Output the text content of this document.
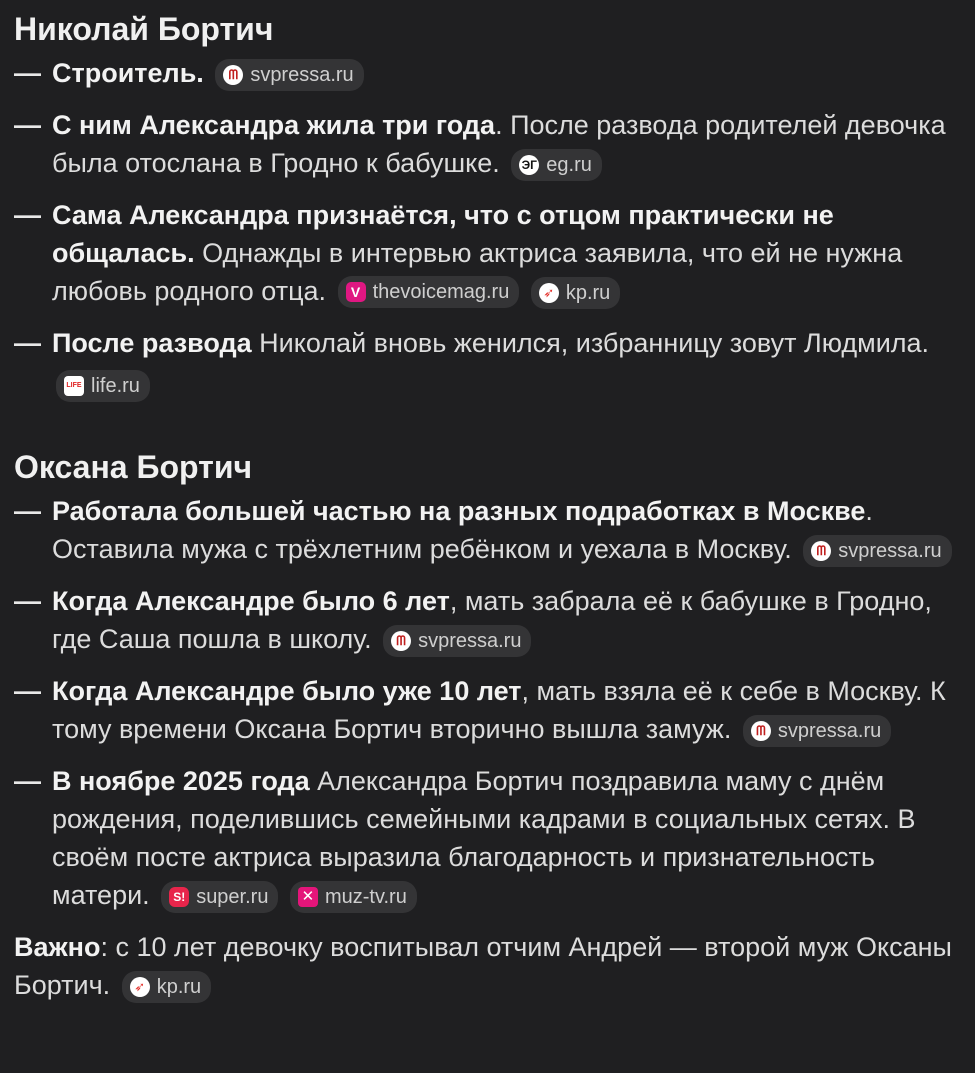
Николай Бортич
— Строитель.	ᗰ svpressa.ru
— С ним Александра жила три года. После развода родителей девочка была отослана в Гродно к бабушке. ЭГ eg.ru
— Сама Александра признаётся, что с отцом практически не общалась. Однажды в интервью актриса заявила, что ей не нужна любовь родного отца.	V thevoicemag.ru
	➶ kp.ru
— После развода Николай вновь женился, избранницу зовут Людмила.
LIFE life.ru
Оксана Бортич
— Работала большей частью на разных подработках в Москве. Оставила мужа с трёхлетним ребёнком и уехала в Москву.	ᗰ svpressa.ru
— Когда Александре было 6 лет, мать забрала её к бабушке в Гродно, где Саша пошла в школу.	ᗰ svpressa.ru
— Когда Александре было уже 10 лет, мать взяла её к себе в Москву. К тому времени Оксана Бортич вторично вышла замуж.	ᗰ svpressa.ru
— В ноябре 2025 года Александра Бортич поздравила маму с днём рождения, поделившись семейными кадрами в социальных сетях. В своём посте актриса выразила благодарность и признательность матери.	S! super.ru
✕ muz-tv.ru

Важно: с 10 лет девочку воспитывал отчим Андрей — второй муж Оксаны Бортич.	➶ kp.ru
